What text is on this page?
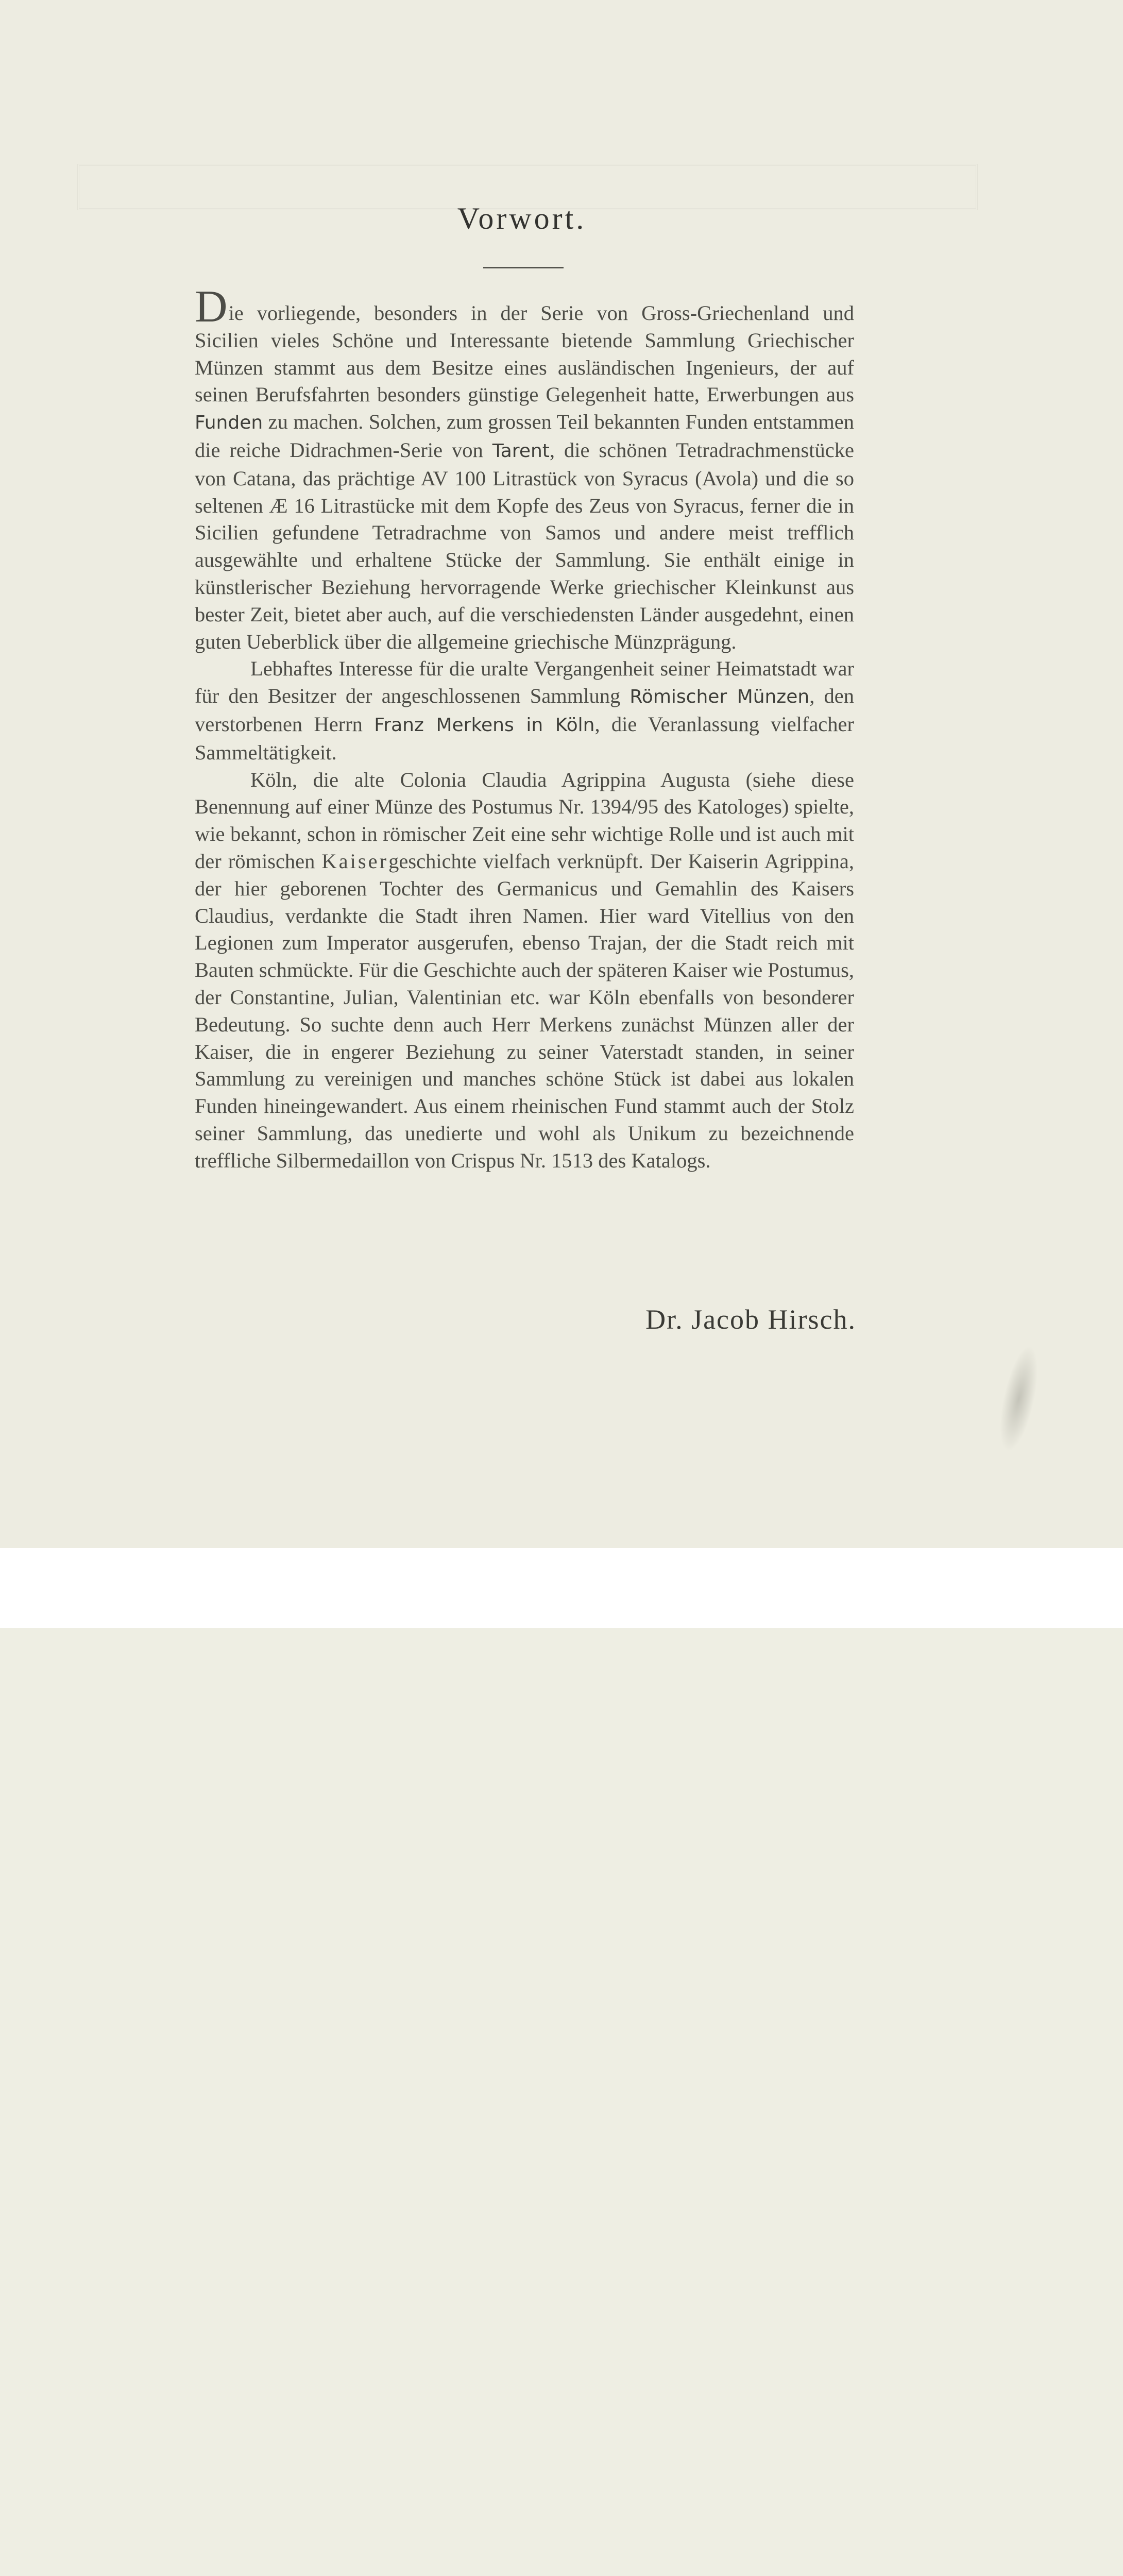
Vorwort.

Die vorliegende, besonders in der Serie von Gross-Griechenland und Sicilien vieles Schöne und Interessante bietende Sammlung Griechischer Münzen stammt aus dem Besitze eines ausländischen Ingenieurs, der auf seinen Berufsfahrten besonders günstige Gelegenheit hatte, Erwerbungen aus Funden zu machen. Solchen, zum grossen Teil bekannten Funden entstammen die reiche Didrachmen-Serie von Tarent, die schönen Tetradrachmenstücke von Catana, das prächtige AV 100 Litrastück von Syracus (Avola) und die so seltenen Æ 16 Litrastücke mit dem Kopfe des Zeus von Syracus, ferner die in Sicilien gefundene Tetradrachme von Samos und andere meist trefflich ausgewählte und erhaltene Stücke der Sammlung. Sie enthält einige in künstlerischer Beziehung hervorragende Werke griechischer Kleinkunst aus bester Zeit, bietet aber auch, auf die verschiedensten Länder ausgedehnt, einen guten Ueberblick über die allgemeine griechische Münzprägung.

Lebhaftes Interesse für die uralte Vergangenheit seiner Heimatstadt war für den Besitzer der angeschlossenen Sammlung Römischer Münzen, den verstorbenen Herrn Franz Merkens in Köln, die Veranlassung vielfacher Sammeltätigkeit.

Köln, die alte Colonia Claudia Agrippina Augusta (siehe diese Benennung auf einer Münze des Postumus Nr. 1394/95 des Katologes) spielte, wie bekannt, schon in römischer Zeit eine sehr wichtige Rolle und ist auch mit der römischen Kaisergeschichte vielfach verknüpft. Der Kaiserin Agrippina, der hier geborenen Tochter des Germanicus und Gemahlin des Kaisers Claudius, verdankte die Stadt ihren Namen. Hier ward Vitellius von den Legionen zum Imperator ausgerufen, ebenso Trajan, der die Stadt reich mit Bauten schmückte. Für die Geschichte auch der späteren Kaiser wie Postumus, der Constantine, Julian, Valentinian etc. war Köln ebenfalls von besonderer Bedeutung. So suchte denn auch Herr Merkens zunächst Münzen aller der Kaiser, die in engerer Beziehung zu seiner Vaterstadt standen, in seiner Sammlung zu vereinigen und manches schöne Stück ist dabei aus lokalen Funden hineingewandert. Aus einem rheinischen Fund stammt auch der Stolz seiner Sammlung, das unedierte und wohl als Unikum zu bezeichnende treffliche Silbermedaillon von Crispus Nr. 1513 des Katalogs.

Dr. Jacob Hirsch.
